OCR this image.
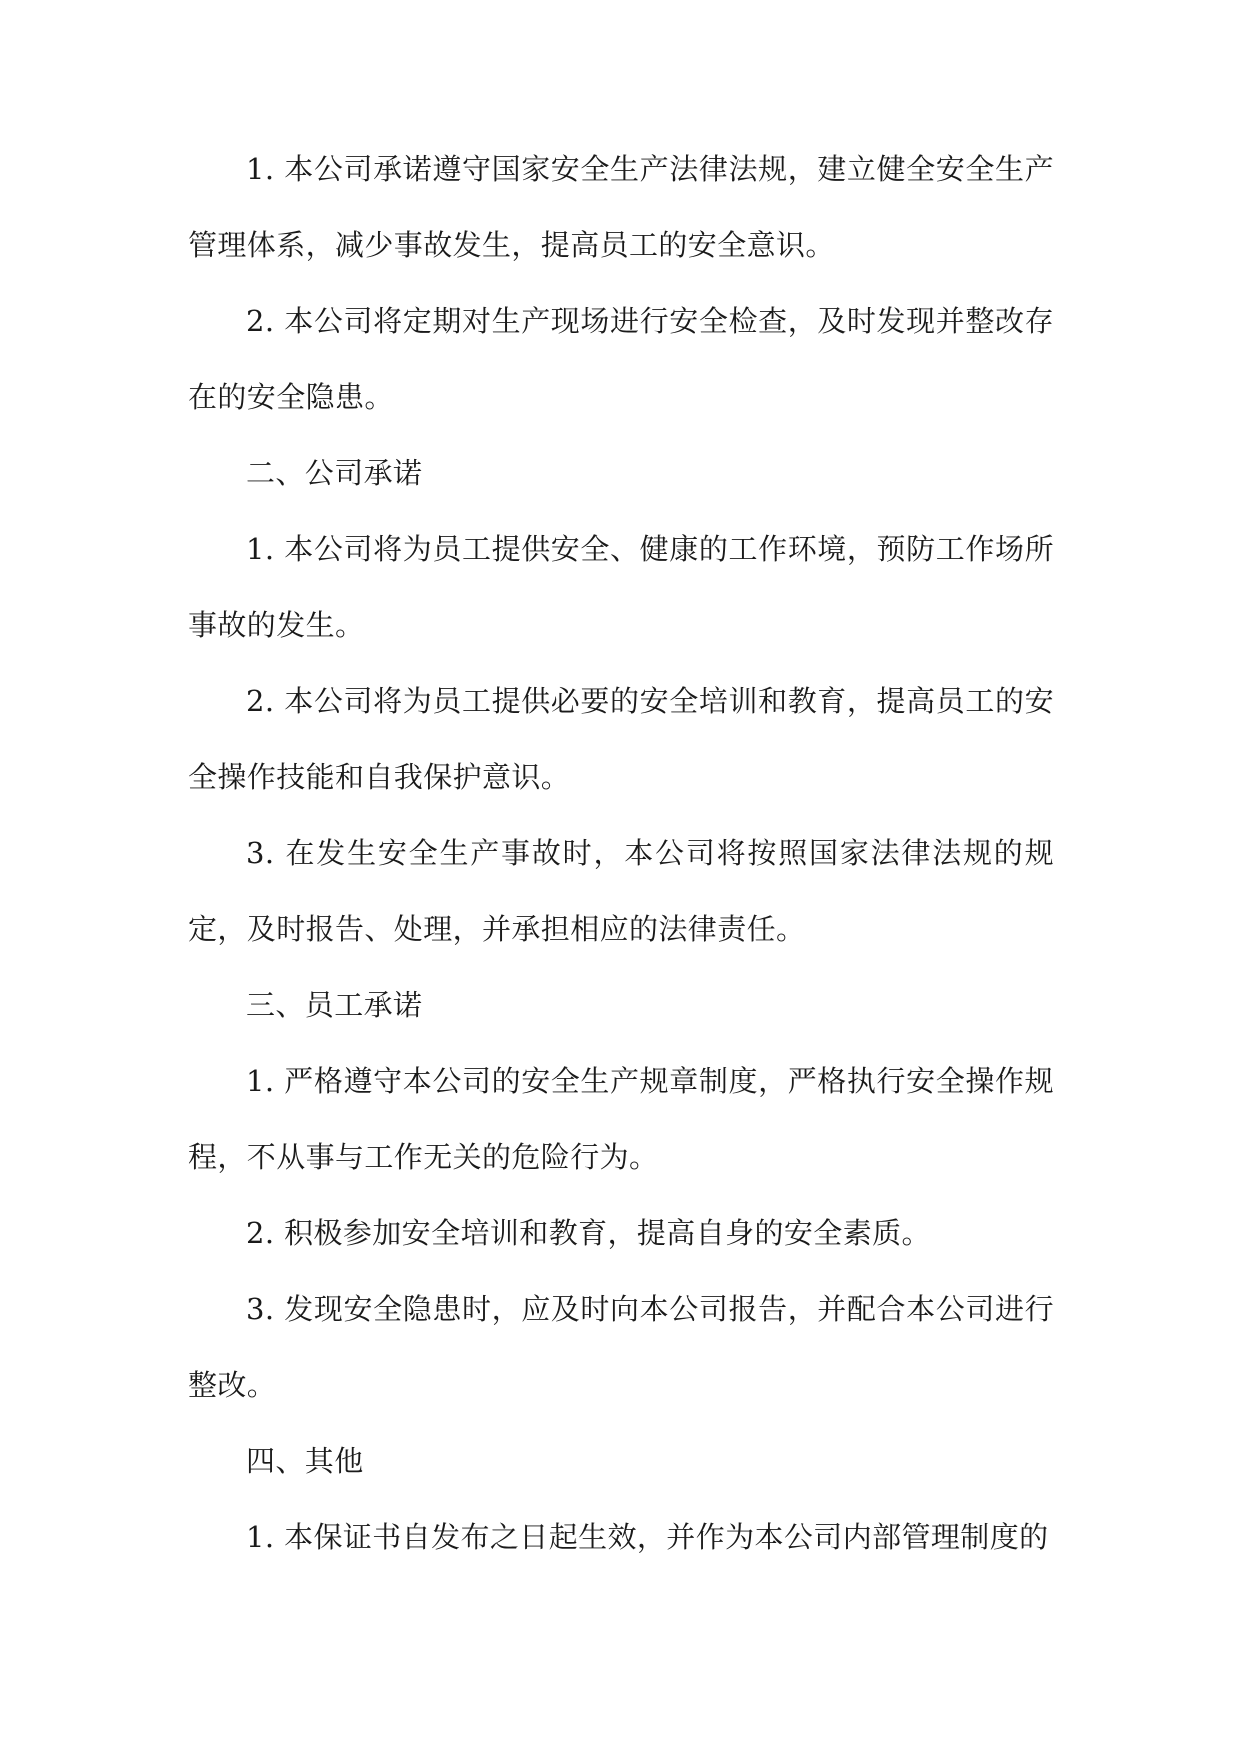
1. 本公司承诺遵守国家安全生产法律法规，建立健全安全生产管理体系，减少事故发生，提高员工的安全意识。

2. 本公司将定期对生产现场进行安全检查，及时发现并整改存在的安全隐患。

二、公司承诺

1. 本公司将为员工提供安全、健康的工作环境，预防工作场所事故的发生。

2. 本公司将为员工提供必要的安全培训和教育，提高员工的安全操作技能和自我保护意识。

3. 在发生安全生产事故时，本公司将按照国家法律法规的规定，及时报告、处理，并承担相应的法律责任。

三、员工承诺

1. 严格遵守本公司的安全生产规章制度，严格执行安全操作规程，不从事与工作无关的危险行为。

2. 积极参加安全培训和教育，提高自身的安全素质。

3. 发现安全隐患时，应及时向本公司报告，并配合本公司进行整改。

四、其他

1. 本保证书自发布之日起生效，并作为本公司内部管理制度的
